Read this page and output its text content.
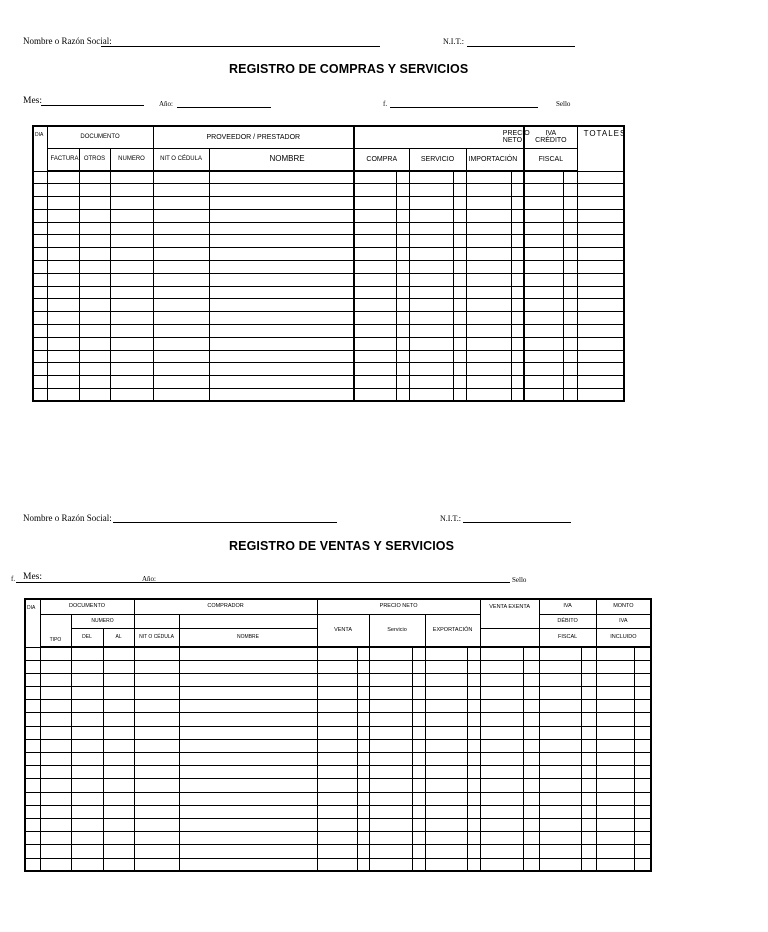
Nombre o Razón Social:	N.I.T.:
REGISTRO DE COMPRAS Y SERVICIOS
Mes:	Año:	f.	Sello
DIA	DOCUMENTO			PROVEEDOR / PRESTADOR		PRECIO NETO						IVA CRÉDITO		TOTALES
	FACTURA	OTROS	NUMERO	NIT O CÉDULA	NOMBRE	COMPRA		SERVICIO		IMPORTACIÓN		FISCAL		

Nombre o Razón Social:	N.I.T.:
REGISTRO DE VENTAS Y SERVICIOS
f. Mes:	Año:	Sello
DIA	DOCUMENTO			COMPRADOR		PRECIO NETO						VENTA EXENTA		IVA		MONTO	
	TIPO	NUMERO				VENTA		Servicio		EXPORTACIÓN				DÉBITO		IVA	
		DEL	AL	NIT O CÉDULA	NOMBRE									FISCAL		INCLUIDO	
